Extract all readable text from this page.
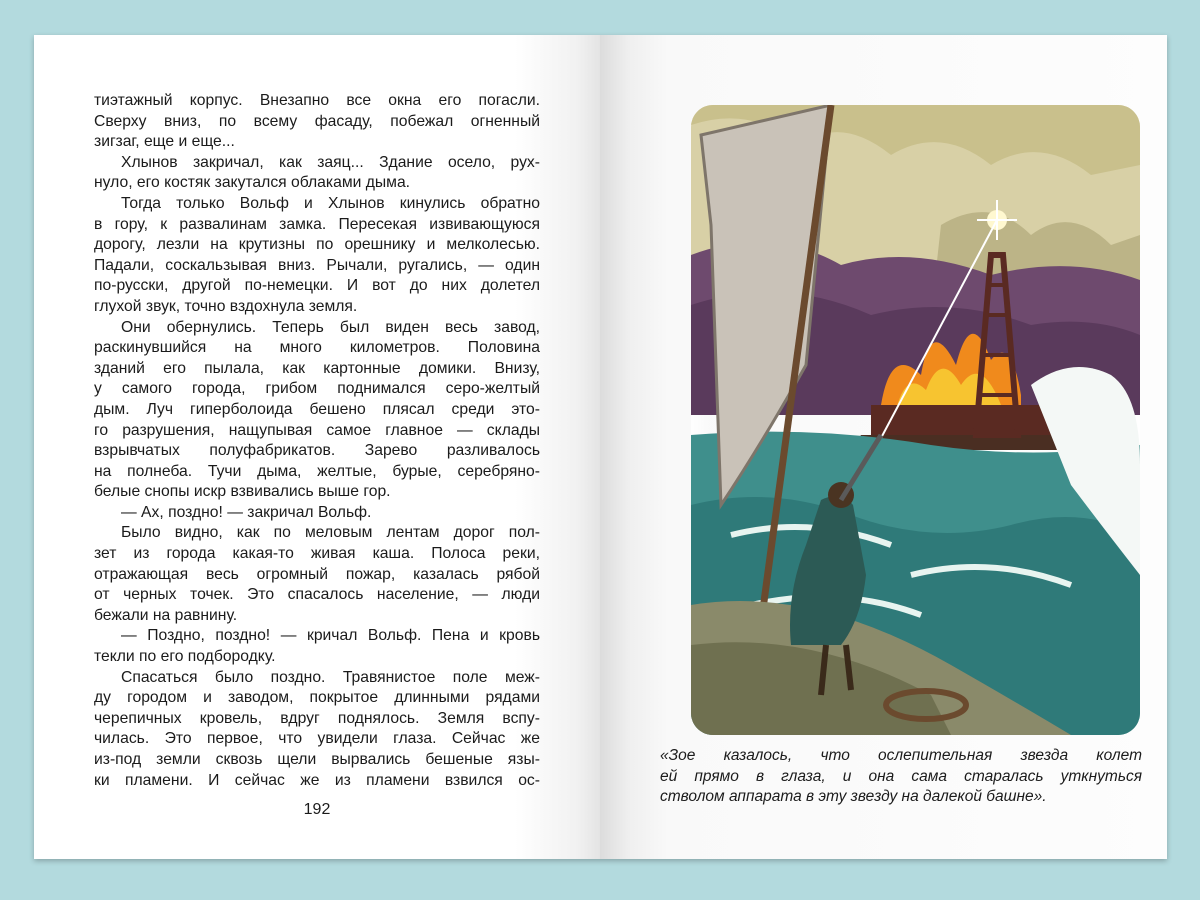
тиэтажный корпус. Внезапно все окна его погасли.
Сверху вниз, по всему фасаду, побежал огненный
зигзаг, еще и еще...
Хлынов закричал, как заяц... Здание осело, рух-
нуло, его костяк закутался облаками дыма.
Тогда только Вольф и Хлынов кинулись обратно
в гору, к развалинам замка. Пересекая извивающуюся
дорогу, лезли на крутизны по орешнику и мелколесью.
Падали, соскальзывая вниз. Рычали, ругались, — один
по-русски, другой по-немецки. И вот до них долетел
глухой звук, точно вздохнула земля.
Они обернулись. Теперь был виден весь завод,
раскинувшийся на много километров. Половина
зданий его пылала, как картонные домики. Внизу,
у самого города, грибом поднимался серо-желтый
дым. Луч гиперболоида бешено плясал среди это-
го разрушения, нащупывая самое главное — склады
взрывчатых полуфабрикатов. Зарево разливалось
на полнеба. Тучи дыма, желтые, бурые, серебряно-
белые снопы искр взвивались выше гор.
— Ах, поздно! — закричал Вольф.
Было видно, как по меловым лентам дорог пол-
зет из города какая-то живая каша. Полоса реки,
отражающая весь огромный пожар, казалась рябой
от черных точек. Это спасалось население, — люди
бежали на равнину.
— Поздно, поздно! — кричал Вольф. Пена и кровь
текли по его подбородку.
Спасаться было поздно. Травянистое поле меж-
ду городом и заводом, покрытое длинными рядами
черепичных кровель, вдруг поднялось. Земля вспу-
чилась. Это первое, что увидели глаза. Сейчас же
из-под земли сквозь щели вырвались бешеные язы-
ки пламени. И сейчас же из пламени взвился ос-
192
«Зое казалось, что ослепительная звезда колет
ей прямо в глаза, и она сама старалась уткнуться
стволом аппарата в эту звезду на далекой башне».
